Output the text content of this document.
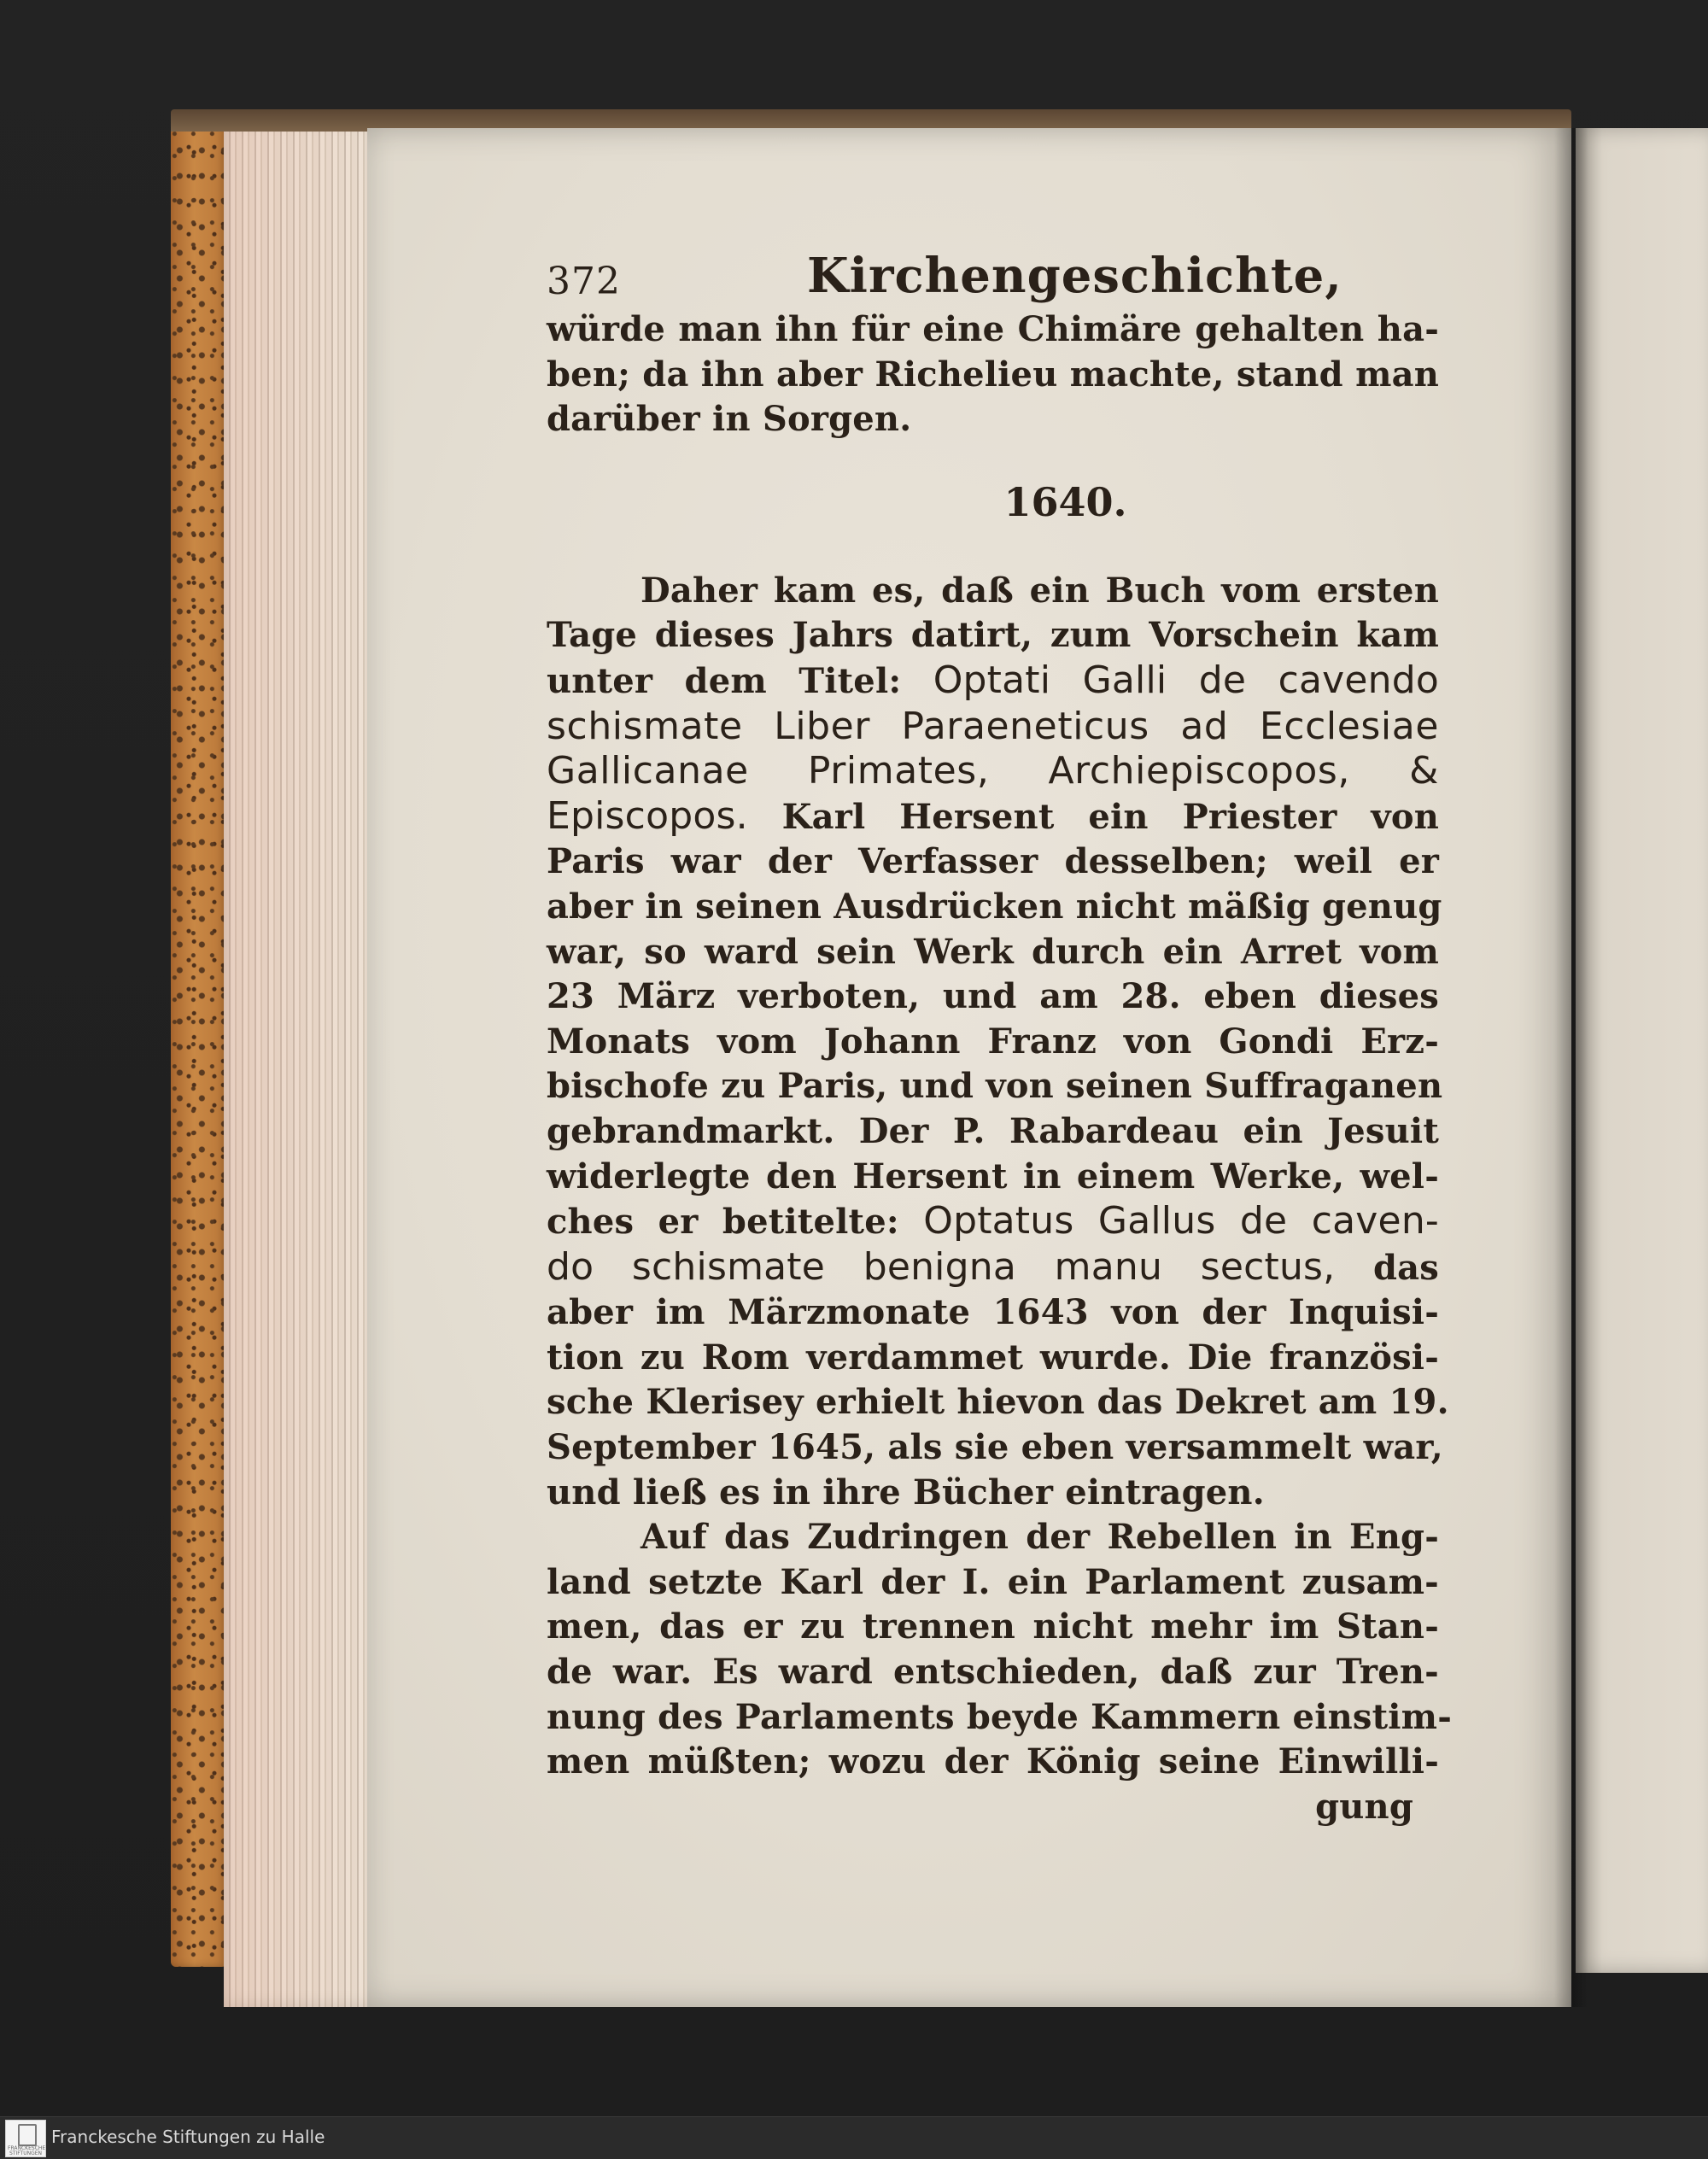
372	Kirchengeschichte,
würde man ihn für eine Chimäre gehalten ha-
ben; da ihn aber Richelieu machte, stand man
darüber in Sorgen.
1640.
Daher kam es, daß ein Buch vom ersten
Tage dieses Jahrs datirt, zum Vorschein kam
unter dem Titel: Optati Galli de cavendo
schismate Liber Paraeneticus ad Ecclesiae
Gallicanae Primates, Archiepiscopos, &
Episcopos. Karl Hersent ein Priester von
Paris war der Verfasser desselben; weil er
aber in seinen Ausdrücken nicht mäßig genug
war, so ward sein Werk durch ein Arret vom
23 März verboten, und am 28. eben dieses
Monats vom Johann Franz von Gondi Erz-
bischofe zu Paris, und von seinen Suffraganen
gebrandmarkt. Der P. Rabardeau ein Jesuit
widerlegte den Hersent in einem Werke, wel-
ches er betitelte: Optatus Gallus de caven-
do schismate benigna manu sectus, das
aber im Märzmonate 1643 von der Inquisi-
tion zu Rom verdammet wurde. Die französi-
sche Klerisey erhielt hievon das Dekret am 19.
September 1645, als sie eben versammelt war,
und ließ es in ihre Bücher eintragen.
Auf das Zudringen der Rebellen in Eng-
land setzte Karl der I. ein Parlament zusam-
men, das er zu trennen nicht mehr im Stan-
de war. Es ward entschieden, daß zur Tren-
nung des Parlaments beyde Kammern einstim-
men müßten; wozu der König seine Einwilli-
gung
FRANCKESCHE STIFTUNGEN
Franckesche Stiftungen zu Halle
